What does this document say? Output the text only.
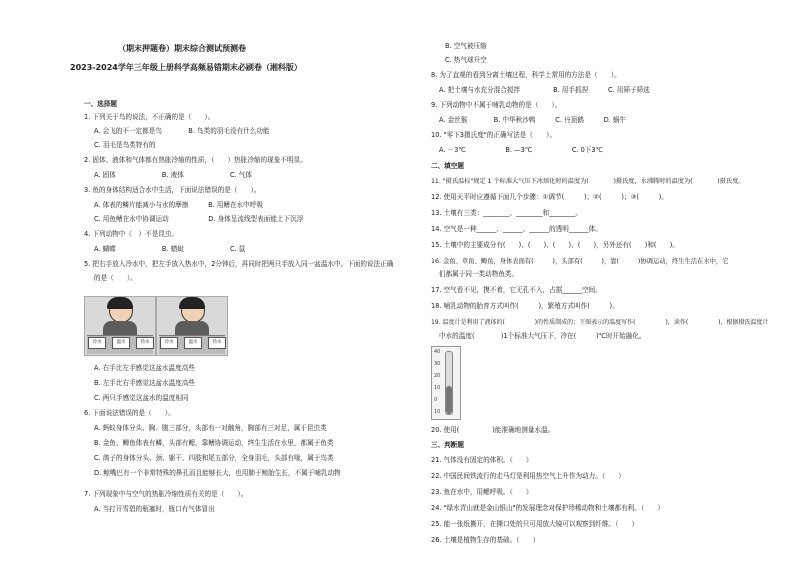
（期末押题卷）期末综合测试预测卷
2023-2024学年三年级上册科学高频易错期末必刷卷（湘科版）
一、选择题
1. 下列关于鸟的说法，不正确的是（　　）。
A. 会飞的不一定都是鸟　　　　B. 鸟类的羽毛没有什么功能
C. 羽毛是鸟类特有的
2. 固体、液体和气体都有热胀冷缩的性质，（　　）热胀冷缩的现象不明显。
A. 固体　　　　　　　B. 液体　　　　　　　C. 气体
3. 鱼的身体结构适合水中生活，下面说法错误的是（　　）。
A. 体表的鳞片能减小与水的摩擦　　　B. 用鳍在水中呼吸
C. 用鱼鳍在水中协调运动　　　　　　D. 身体呈流线型表面能上下沉浮
4. 下列动物中（　）不是昆虫。
A. 蝴蝶　　　　　　　B. 蜻蜓　　　　　　　C. 鼠
5. 把右手放入冷水中，把左手放入热水中，2分钟后，再同时把两只手放入同一盆温水中。下面的说法正确
的是（　　）。
冷水	温水	热水	冷水	温水	热水
A. 右手比左手感觉这盆水温度高些
B. 左手比右手感觉这盆水温度高些
C. 两只手感觉这盆水的温度相同
6. 下面说法错误的是（　　）。
A. 蚂蚁身体分头、胸、腹三部分，头部有一对触角，胸部有三对足，属于昆虫类
B. 金鱼、鲫鱼体表有鳞，头部有鳃，靠鳍协调运动，终生生活在水里，都属于鱼类
C. 鸽子的身体分头、颈、躯干、四肢和尾五部分，全身羽毛，头部有喙，属于鸟类
D. 鲸嘴巴有一个非常特殊的鼻孔而且能够长大，也用肺于鲸胎生长，不属于哺乳动物
7. 下列现象中与空气的热胀冷缩性质有关的是（　　）。
A. 当打开雪碧的瓶塞时，瓶口有气体冒出
B. 空气被压缩
C. 热气球升空
8. 为了直观的看到分离土壤过程，科学上常用的方法是（　　）。
A. 把土壤与水充分混合搅拌　　　　　B. 用手抓捏　　　C. 用筛子筛选
9. 下列动物中不属于哺乳动物的是（　　）。
A. 金丝猴　　　　B. 中华秋沙鸭　　　C. 丹顶鹤　　　D. 蜗牛
10. "零下3摄氏度"的正确写法是（　　）。
A. －3℃　　　　　　B. —3℃　　　　　　C. 0下3℃
二、填空题
11. "摄氏温标"规定 1 个标准大气压下冰熔化时的温度为(　　　　)摄氏度，水沸腾时的温度为(　　　　)摄氏度。
12. 使用天平时应遵循下面几个步骤：①调节(　　　)；②(　　　)；③(　　　)。
13. 土壤有三类：________、________和________。
14. 空气是一种______、______、______的透明______体。
15. 土壤中的主要成分有(　　)、(　　)、(　　)、(　　)，另外还有(　　)和(　　)。
16. 金鱼、草鱼、鲫鱼，身体表面有(　　　)，头部有(　　　)，靠(　　　)协调运动，终生生活在水中，它
们都属于同一类动物鱼类。
17. 空气看不见，摸不着，它无孔不入，占据______空间。
18. 哺乳动物的胎育方式叫作(　　　)，繁殖方式叫作(　　　)。
19. 温度计是利用了液体的(　　　　　)的性质制成的；下图表示的温度写作(　　　　　)，读作(　　　　　)，根据摄氏温度计
中水的温度(　　　　)1个标准大气压下，冷在(　　　)℃时开始融化。
40
30
20
10
0
10
20. 使用(　　　　　)能准确地测量水温。
三、判断题
21. 气体没有固定的体积。（　　）
22. 中国民间铁流行的走马灯是利用热空气上升作为动力。（　　）
23. 鱼在水中，用鳃呼吸。（　　）
24. "绿水青山就是金山银山"的发展理念对保护珍稀动物和土壤都有利。（　　）
25. 能一张纸撕开，在撕口处的只可用放大镜可以观察到纤维。（　　）
26. 土壤是植物生存的基础。（　　）
